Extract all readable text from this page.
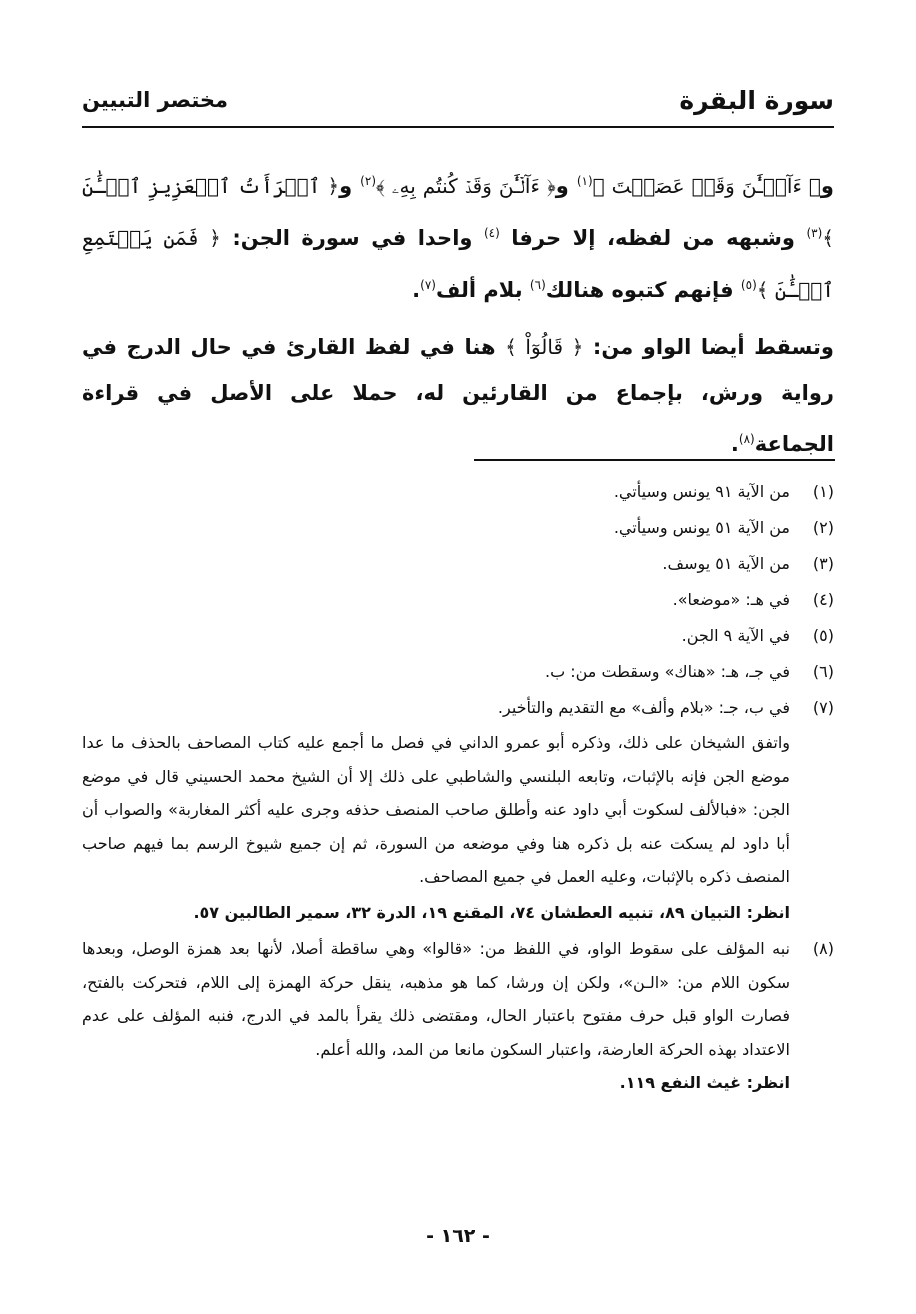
سورة البقرة
مختصر التبيين

و﴿ ءَآلۡـَٰٔنَ وَقَدۡ عَصَيۡتَ ﴾$^{(١)}$ و﴿ ءَآلۡـَٰٔنَ وَقَدۡ كُنتُم بِهِۦ ﴾$^{(٢)}$ و﴿ ٱمۡرَأَتُ ٱلۡعَزِيزِ ٱلۡـَٰٔنَ ﴾$^{(٣)}$ وشبهه من لفظه، إلا حرفا $^{(٤)}$ واحدا في سورة الجن: ﴿ فَمَن يَسۡتَمِعِ ٱلۡـَٰٔنَ ﴾$^{(٥)}$ فإنهم كتبوه هنالك$^{(٦)}$ بلام ألف$^{(٧)}$.

وتسقط أيضا الواو من: ﴿ قَالُوٓاْ ﴾ هنا في لفظ القارئ في حال الدرج في رواية ورش، بإجماع من القارئين له، حملا على الأصل في قراءة الجماعة$^{(٨)}$.

(١)
من الآية ٩١ يونس وسيأتي.
(٢)
من الآية ٥١ يونس وسيأتي.
(٣)
من الآية ٥١ يوسف.
(٤)
في هـ: «موضعا».
(٥)
في الآية ٩ الجن.
(٦)
في جـ، هـ: «هناك» وسقطت من: ب.
(٧)
في ب، جـ: «بلام وألف» مع التقديم والتأخير.
واتفق الشيخان على ذلك، وذكره أبو عمرو الداني في فصل ما أجمع عليه كتاب المصاحف بالحذف ما عدا موضع الجن فإنه بالإثبات، وتابعه البلنسي والشاطبي على ذلك إلا أن الشيخ محمد الحسيني قال في موضع الجن: «فبالألف لسكوت أبي داود عنه وأطلق صاحب المنصف حذفه وجرى عليه أكثر المغاربة» والصواب أن أبا داود لم يسكت عنه بل ذكره هنا وفي موضعه من السورة، ثم إن جميع شيوخ الرسم بما فيهم صاحب المنصف ذكره بالإثبات، وعليه العمل في جميع المصاحف.
انظر: التبيان ٨٩، تنبيه العطشان ٧٤، المقنع ١٩، الدرة ٣٢، سمير الطالبين ٥٧.
(٨)
نبه المؤلف على سقوط الواو، في اللفظ من: «قالوا» وهي ساقطة أصلا، لأنها بعد همزة الوصل، وبعدها سكون اللام من: «الـن»، ولكن إن ورشا، كما هو مذهبه، ينقل حركة الهمزة إلى اللام، فتحركت بالفتح، فصارت الواو قبل حرف مفتوح باعتبار الحال، ومقتضى ذلك يقرأ بالمد في الدرج، فنبه المؤلف على عدم الاعتداد بهذه الحركة العارضة، واعتبار السكون مانعا من المد، والله أعلم.
انظر: غيث النفع ١١٩.
- ١٦٢ -
